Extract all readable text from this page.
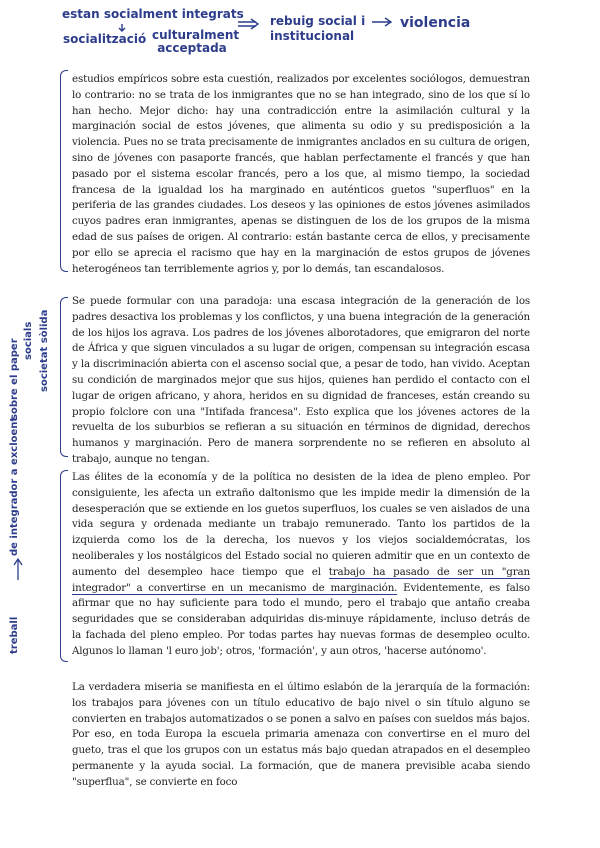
estan socialment integrats
socialització culturalment acceptada
rebuig social i institucional
violencia
sobre el paper socials societat sòlida
treball
de integrador a excloent

estudios empíricos sobre esta cuestión, realizados por excelentes sociólogos, demuestran lo contrario: no se trata de los inmigrantes que no se han integrado, sino de los que sí lo han hecho. Mejor dicho: hay una contradicción entre la asimilación cultural y la marginación social de estos jóvenes, que alimenta su odio y su predisposición a la violencia. Pues no se trata precisamente de inmigrantes anclados en su cultura de origen, sino de jóvenes con pasaporte francés, que hablan perfectamente el francés y que han pasado por el sistema escolar francés, pero a los que, al mismo tiempo, la sociedad francesa de la igualdad los ha marginado en auténticos guetos "superfluos" en la periferia de las grandes ciudades. Los deseos y las opiniones de estos jóvenes asimilados cuyos padres eran inmigrantes, apenas se distinguen de los de los grupos de la misma edad de sus países de origen. Al contrario: están bastante cerca de ellos, y precisamente por ello se aprecia el racismo que hay en la marginación de estos grupos de jóvenes heterogéneos tan terriblemente agrios y, por lo demás, tan escandalosos.

Se puede formular con una paradoja: una escasa integración de la generación de los padres desactiva los problemas y los conflictos, y una buena integración de la generación de los hijos los agrava. Los padres de los jóvenes alborotadores, que emigraron del norte de África y que siguen vinculados a su lugar de origen, compensan su integración escasa y la discriminación abierta con el ascenso social que, a pesar de todo, han vivido. Aceptan su condición de marginados mejor que sus hijos, quienes han perdido el contacto con el lugar de origen africano, y ahora, heridos en su dignidad de franceses, están creando su propio folclore con una "Intifada francesa". Esto explica que los jóvenes actores de la revuelta de los suburbios se refieran a su situación en términos de dignidad, derechos humanos y marginación. Pero de manera sorprendente no se refieren en absoluto al trabajo, aunque no tengan.

Las élites de la economía y de la política no desisten de la idea de pleno empleo. Por consiguiente, les afecta un extraño daltonismo que les impide medir la dimensión de la desesperación que se extiende en los guetos superfluos, los cuales se ven aislados de una vida segura y ordenada mediante un trabajo remunerado. Tanto los partidos de la izquierda como los de la derecha, los nuevos y los viejos socialdemócratas, los neoliberales y los nostálgicos del Estado social no quieren admitir que en un contexto de aumento del desempleo hace tiempo que el trabajo ha pasado de ser un "gran integrador" a convertirse en un mecanismo de marginación. Evidentemente, es falso afirmar que no hay suficiente para todo el mundo, pero el trabajo que antaño creaba seguridades que se consideraban adquiridas dis-minuye rápidamente, incluso detrás de la fachada del pleno empleo. Por todas partes hay nuevas formas de desempleo oculto. Algunos lo llaman 'l euro job'; otros, 'formación', y aun otros, 'hacerse autónomo'.

La verdadera miseria se manifiesta en el último eslabón de la jerarquía de la formación: los trabajos para jóvenes con un título educativo de bajo nivel o sin título alguno se convierten en trabajos automatizados o se ponen a salvo en países con sueldos más bajos. Por eso, en toda Europa la escuela primaria amenaza con convertirse en el muro del gueto, tras el que los grupos con un estatus más bajo quedan atrapados en el desempleo permanente y la ayuda social. La formación, que de manera previsible acaba siendo "superflua", se convierte en foco
